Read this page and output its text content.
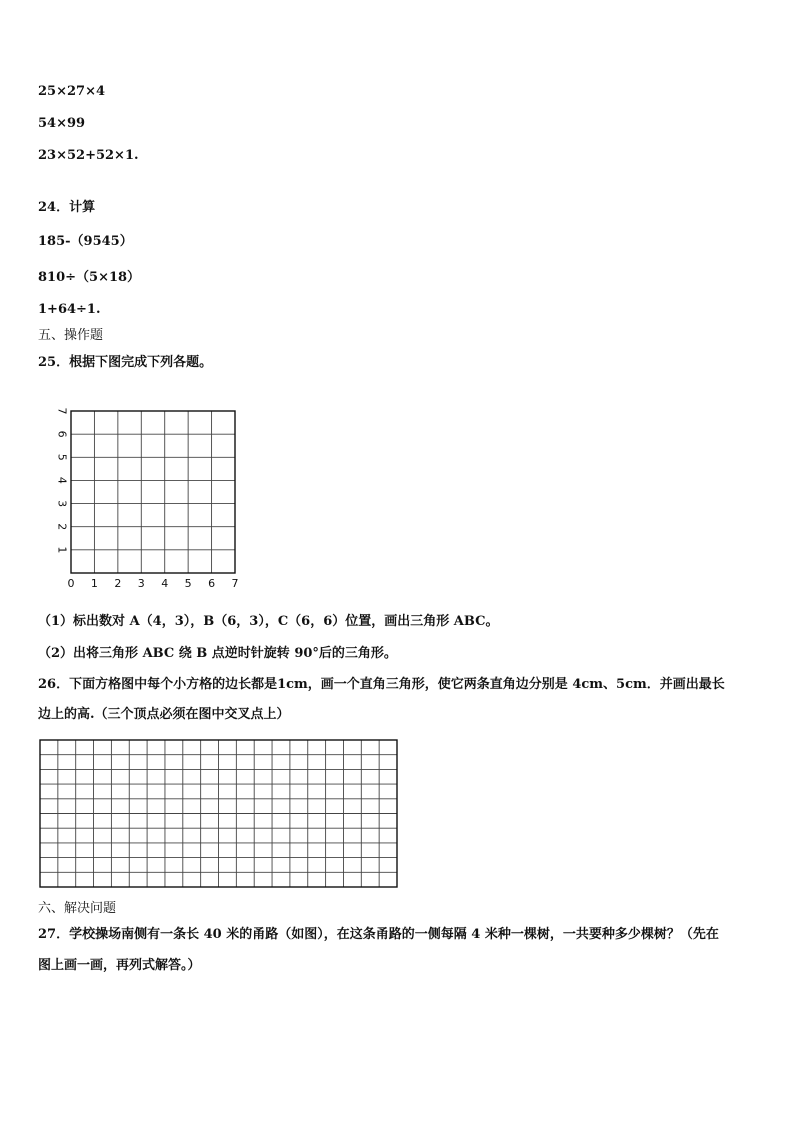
25×27×4
54×99
23×52+52×1.
24．计算
185-（9545）
810÷（5×18）
1+64÷1.
五、操作题
25．根据下图完成下列各题。
0 1 2 3 4 5 6 7
1
2
3
4
5
6
7
（1）标出数对 A（4，3），B（6，3），C（6，6）位置，画出三角形 ABC。
（2）出将三角形 ABC 绕 B 点逆时针旋转 90°后的三角形。
26．下面方格图中每个小方格的边长都是1cm，画一个直角三角形，使它两条直角边分别是 4cm、5cm．并画出最长
边上的高.（三个顶点必须在图中交叉点上）
六、解决问题
27．学校操场南侧有一条长 40 米的甬路（如图），在这条甬路的一侧每隔 4 米种一棵树，一共要种多少棵树？（先在
图上画一画，再列式解答。）
